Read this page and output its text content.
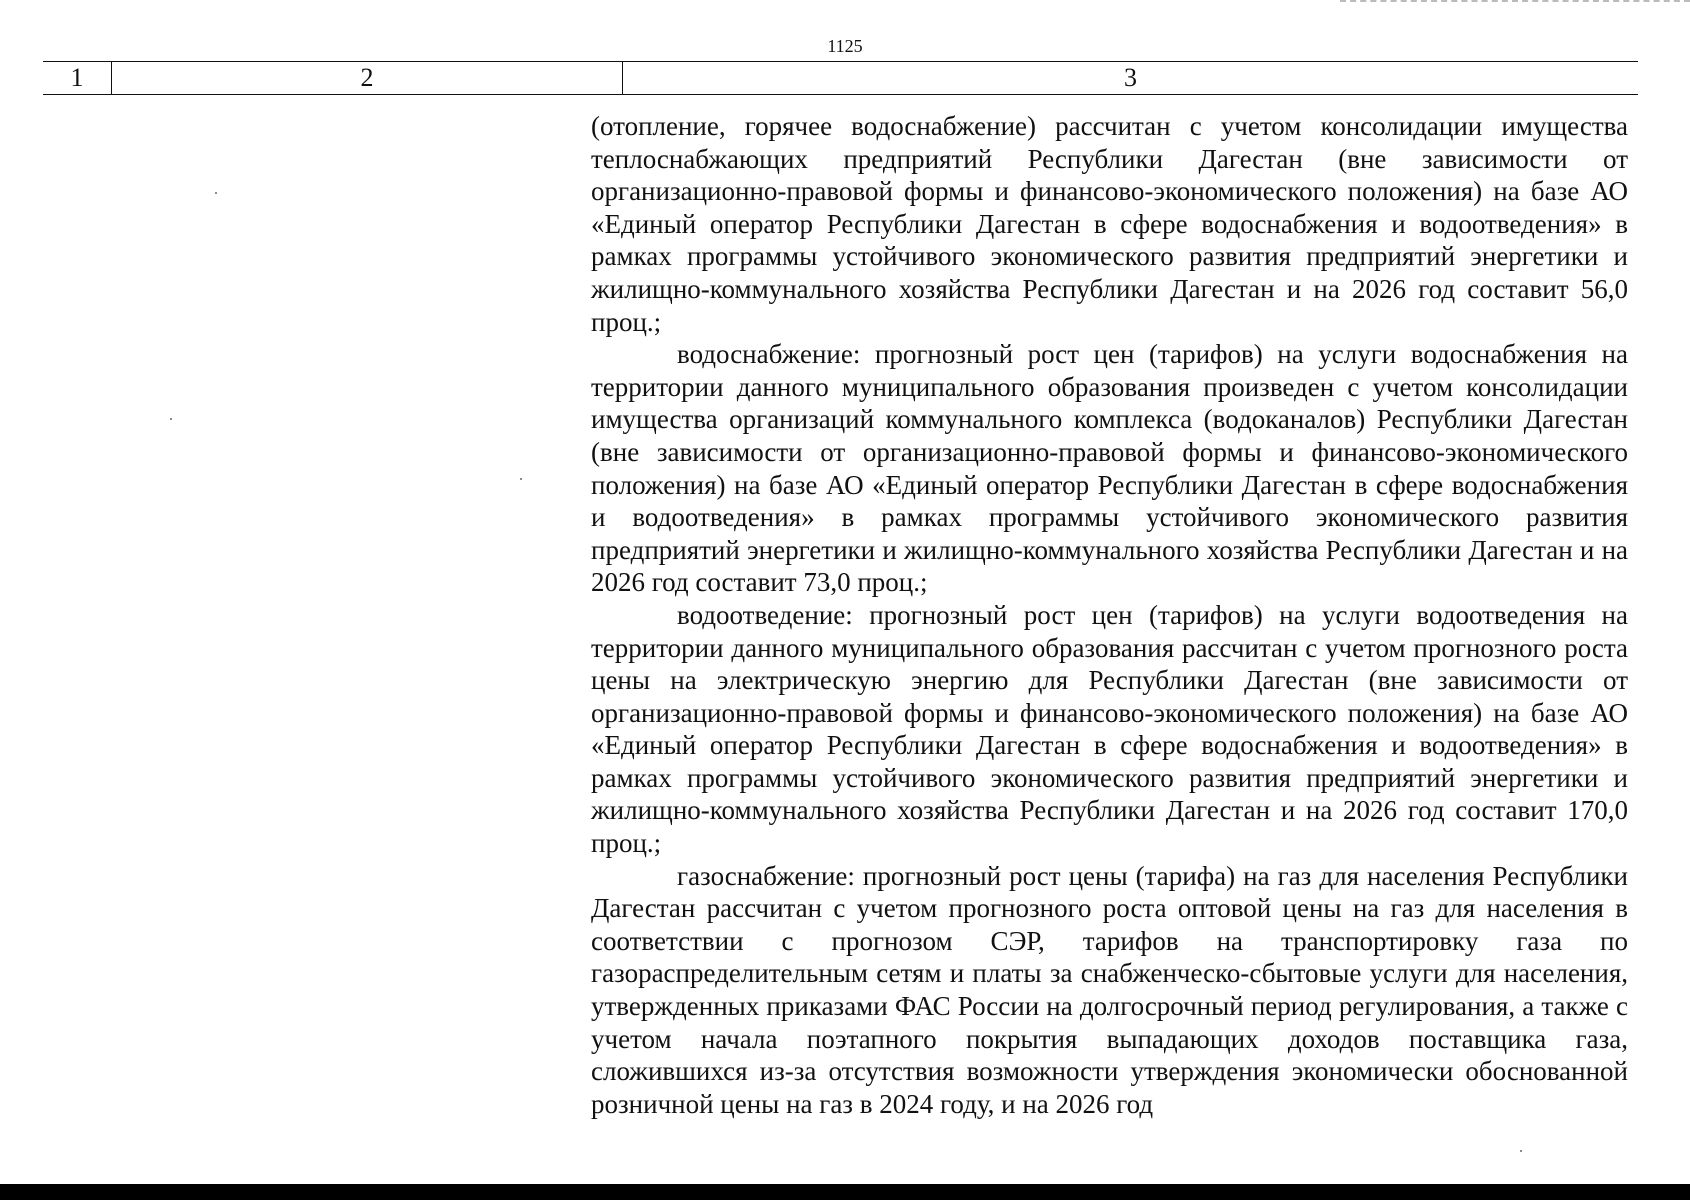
1125
1	2	3

(отопление, горячее водоснабжение) рассчитан с учетом консолидации имущества теплоснабжающих предприятий Республики Дагестан (вне зависимости от организационно-правовой формы и финансово-экономического положения) на базе АО «Единый оператор Республики Дагестан в сфере водоснабжения и водоотведения» в рамках программы устойчивого экономического развития предприятий энергетики и жилищно-коммунального хозяйства Республики Дагестан и на 2026 год составит 56,0 проц.;

водоснабжение: прогнозный рост цен (тарифов) на услуги водоснабжения на территории данного муниципального образования произведен с учетом консолидации имущества организаций коммунального комплекса (водоканалов) Республики Дагестан (вне зависимости от организационно-правовой формы и финансово-экономического положения) на базе АО «Единый оператор Республики Дагестан в сфере водоснабжения и водоотведения» в рамках программы устойчивого экономического развития предприятий энергетики и жилищно-коммунального хозяйства Республики Дагестан и на 2026 год составит 73,0 проц.;

водоотведение: прогнозный рост цен (тарифов) на услуги водоотведения на территории данного муниципального образования рассчитан с учетом прогнозного роста цены на электрическую энергию для Республики Дагестан (вне зависимости от организационно-правовой формы и финансово-экономического положения) на базе АО «Единый оператор Республики Дагестан в сфере водоснабжения и водоотведения» в рамках программы устойчивого экономического развития предприятий энергетики и жилищно-коммунального хозяйства Республики Дагестан и на 2026 год составит 170,0 проц.;

газоснабжение: прогнозный рост цены (тарифа) на газ для населения Республики Дагестан рассчитан с учетом прогнозного роста оптовой цены на газ для населения в соответствии с прогнозом СЭР, тарифов на транспортировку газа по газораспределительным сетям и платы за снабженческо-сбытовые услуги для населения, утвержденных приказами ФАС России на долгосрочный период регулирования, а также с учетом начала поэтапного покрытия выпадающих доходов поставщика газа, сложившихся из-за отсутствия возможности утверждения экономически обоснованной розничной цены на газ в 2024 году, и на 2026 год
